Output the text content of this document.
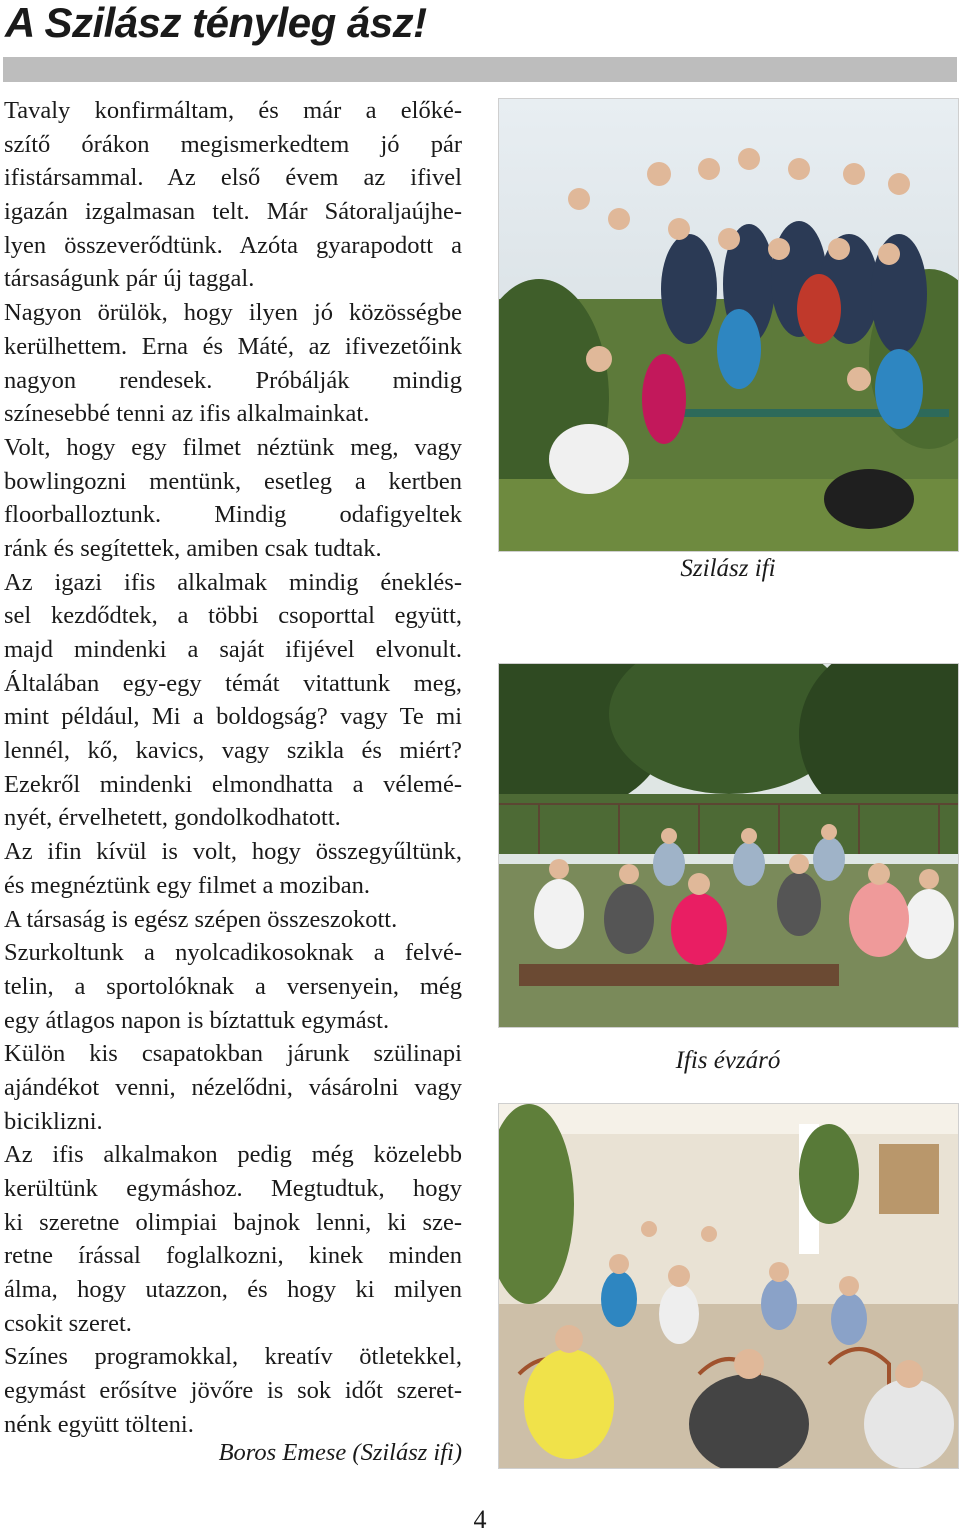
A Szilász tényleg ász!
Tavaly konfirmáltam, és már a előké-
szítő órákon megismerkedtem jó pár
ifistársammal. Az első évem az ifivel
igazán izgalmasan telt. Már Sátoraljaújhe-
lyen összeverődtünk. Azóta gyarapodott a
társaságunk pár új taggal.
Nagyon örülök, hogy ilyen jó közösségbe
kerülhettem. Erna és Máté, az ifivezetőink
nagyon rendesek. Próbálják mindig
színesebbé tenni az ifis alkalmainkat.
Volt, hogy egy filmet néztünk meg, vagy
bowlingozni mentünk, esetleg a kertben
floorballoztunk. Mindig odafigyeltek
ránk és segítettek, amiben csak tudtak.
Az igazi ifis alkalmak mindig éneklés-
sel kezdődtek, a többi csoporttal együtt,
majd mindenki a saját ifijével elvonult.
Általában egy-egy témát vitattunk meg,
mint például, Mi a boldogság? vagy Te mi
lennél, kő, kavics, vagy szikla és miért?
Ezekről mindenki elmondhatta a vélemé-
nyét, érvelhetett, gondolkodhatott.
Az ifin kívül is volt, hogy összegyűltünk,
és megnéztünk egy filmet a moziban.
A társaság is egész szépen összeszokott.
Szurkoltunk a nyolcadikosoknak a felvé-
telin, a sportolóknak a versenyein, még
egy átlagos napon is bíztattuk egymást.
Külön kis csapatokban járunk szülinapi
ajándékot venni, nézelődni, vásárolni vagy
biciklizni.
Az ifis alkalmakon pedig még közelebb
kerültünk egymáshoz. Megtudtuk, hogy
ki szeretne olimpiai bajnok lenni, ki sze-
retne írással foglalkozni, kinek minden
álma, hogy utazzon, és hogy ki milyen
csokit szeret.
Színes programokkal, kreatív ötletekkel,
egymást erősítve jövőre is sok időt szeret-
nénk együtt tölteni.
Boros Emese (Szilász ifi)
Szilász ifi
Ifis évzáró
4
